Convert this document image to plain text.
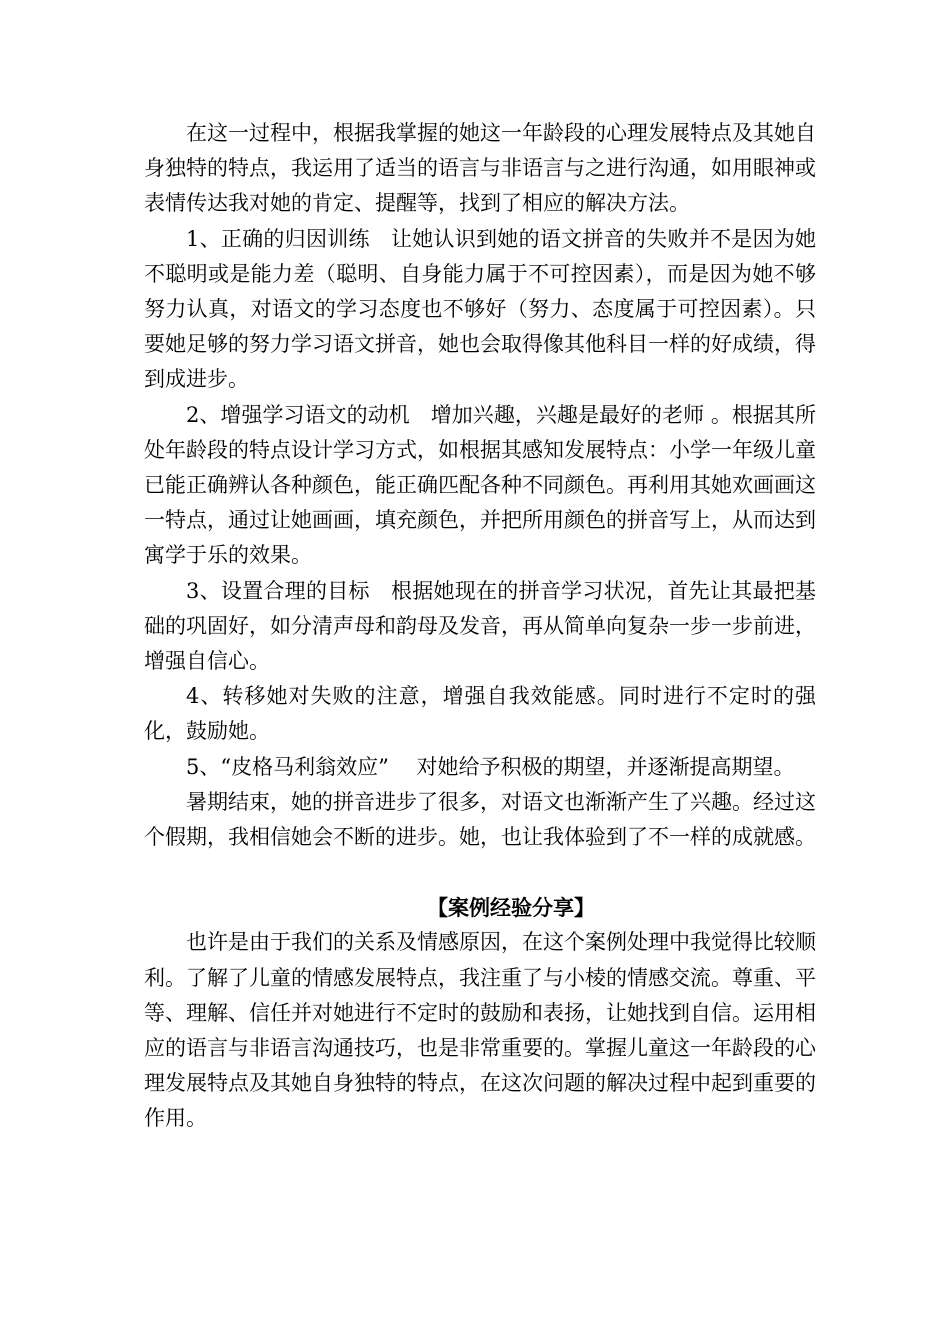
在这一过程中，根据我掌握的她这一年龄段的心理发展特点及其她自身独特的特点，我运用了适当的语言与非语言与之进行沟通，如用眼神或表情传达我对她的肯定、提醒等，找到了相应的解决方法。

1、正确的归因训练　让她认识到她的语文拼音的失败并不是因为她不聪明或是能力差（聪明、自身能力属于不可控因素），而是因为她不够努力认真，对语文的学习态度也不够好（努力、态度属于可控因素）。只要她足够的努力学习语文拼音，她也会取得像其他科目一样的好成绩，得到成进步。

2、增强学习语文的动机　增加兴趣，兴趣是最好的老师 。根据其所处年龄段的特点设计学习方式，如根据其感知发展特点：小学一年级儿童已能正确辨认各种颜色，能正确匹配各种不同颜色。再利用其她欢画画这一特点，通过让她画画，填充颜色，并把所用颜色的拼音写上，从而达到寓学于乐的效果。

3、设置合理的目标　根据她现在的拼音学习状况，首先让其最把基础的巩固好，如分清声母和韵母及发音，再从简单向复杂一步一步前进，增强自信心。

4、转移她对失败的注意，增强自我效能感。同时进行不定时的强化，鼓励她。

5、“皮格马利翁效应”　 对她给予积极的期望，并逐渐提高期望。

暑期结束，她的拼音进步了很多，对语文也渐渐产生了兴趣。经过这个假期，我相信她会不断的进步。她，也让我体验到了不一样的成就感。

【案例经验分享】

也许是由于我们的关系及情感原因，在这个案例处理中我觉得比较顺利。了解了儿童的情感发展特点，我注重了与小棱的情感交流。尊重、平等、理解、信任并对她进行不定时的鼓励和表扬，让她找到自信。运用相应的语言与非语言沟通技巧，也是非常重要的。掌握儿童这一年龄段的心理发展特点及其她自身独特的特点，在这次问题的解决过程中起到重要的作用。
